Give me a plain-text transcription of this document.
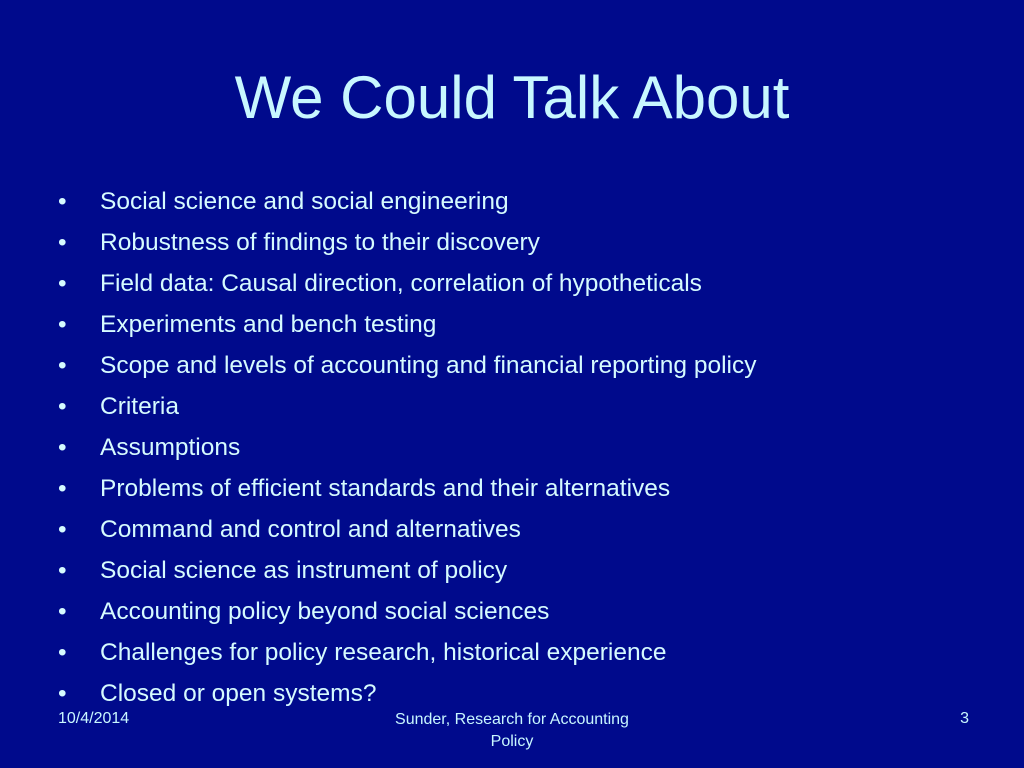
We Could Talk About
•	Social science and social engineering
•	Robustness of findings to their discovery
•	Field data: Causal direction, correlation of hypotheticals
•	Experiments and bench testing
•	Scope and levels of accounting and financial reporting policy
•	Criteria
•	Assumptions
•	Problems of efficient standards and their alternatives
•	Command and control and alternatives
•	Social science as instrument of policy
•	Accounting policy beyond social sciences
•	Challenges for policy research, historical experience
•	Closed or open systems?
10/4/2014	Sunder, Research for Accounting
Policy
3
